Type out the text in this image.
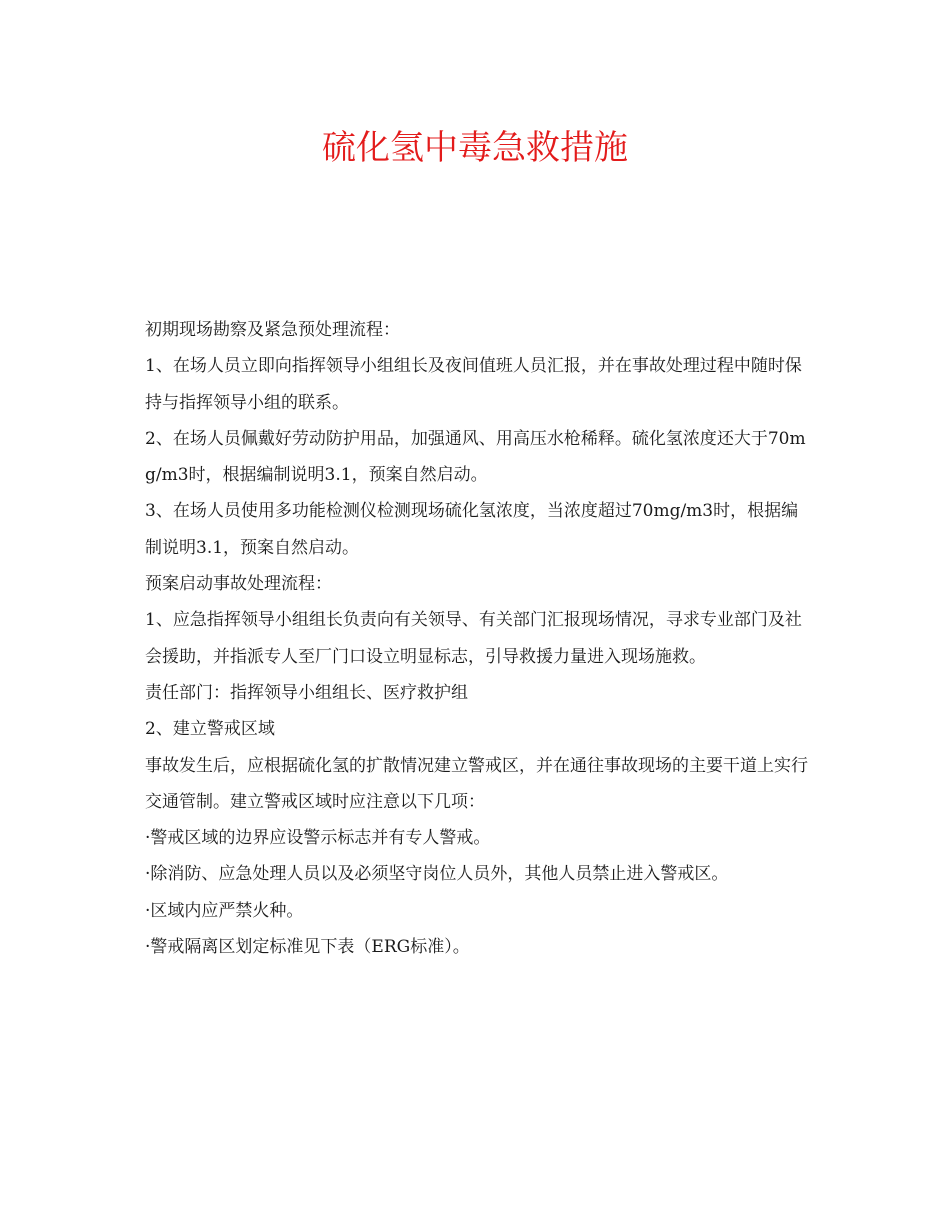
硫化氢中毒急救措施

初期现场勘察及紧急预处理流程：

1、在场人员立即向指挥领导小组组长及夜间值班人员汇报，并在事故处理过程中随时保持与指挥领导小组的联系。

2、在场人员佩戴好劳动防护用品，加强通风、用高压水枪稀释。硫化氢浓度还大于70mg/m3时，根据编制说明3.1，预案自然启动。

3、在场人员使用多功能检测仪检测现场硫化氢浓度，当浓度超过70mg/m3时，根据编制说明3.1，预案自然启动。

预案启动事故处理流程：

1、应急指挥领导小组组长负责向有关领导、有关部门汇报现场情况，寻求专业部门及社会援助，并指派专人至厂门口设立明显标志，引导救援力量进入现场施救。

责任部门：指挥领导小组组长、医疗救护组

2、建立警戒区域

事故发生后，应根据硫化氢的扩散情况建立警戒区，并在通往事故现场的主要干道上实行交通管制。建立警戒区域时应注意以下几项：

·警戒区域的边界应设警示标志并有专人警戒。

·除消防、应急处理人员以及必须坚守岗位人员外，其他人员禁止进入警戒区。

·区域内应严禁火种。

·警戒隔离区划定标准见下表（ERG标准）。
